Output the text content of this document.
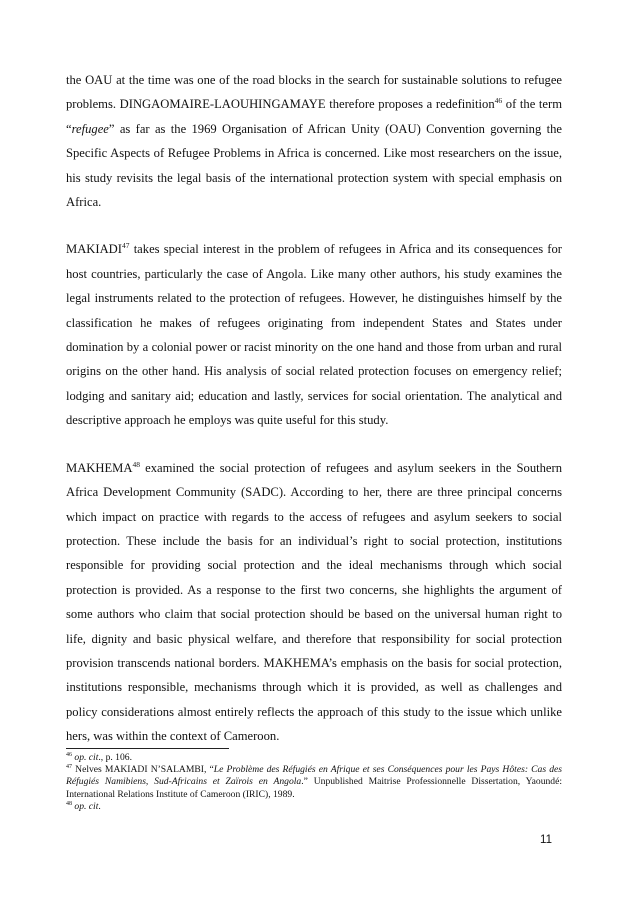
the OAU at the time was one of the road blocks in the search for sustainable solutions to refugee problems. DINGAOMAIRE-LAOUHINGAMAYE therefore proposes a redefinition$^{46}$ of the term “refugee” as far as the 1969 Organisation of African Unity (OAU) Convention governing the Specific Aspects of Refugee Problems in Africa is concerned. Like most researchers on the issue, his study revisits the legal basis of the international protection system with special emphasis on Africa.

MAKIADI$^{47}$ takes special interest in the problem of refugees in Africa and its consequences for host countries, particularly the case of Angola. Like many other authors, his study examines the legal instruments related to the protection of refugees. However, he distinguishes himself by the classification he makes of refugees originating from independent States and States under domination by a colonial power or racist minority on the one hand and those from urban and rural origins on the other hand. His analysis of social related protection focuses on emergency relief; lodging and sanitary aid; education and lastly, services for social orientation. The analytical and descriptive approach he employs was quite useful for this study.

MAKHEMA$^{48}$ examined the social protection of refugees and asylum seekers in the Southern Africa Development Community (SADC). According to her, there are three principal concerns which impact on practice with regards to the access of refugees and asylum seekers to social protection. These include the basis for an individual’s right to social protection, institutions responsible for providing social protection and the ideal mechanisms through which social protection is provided. As a response to the first two concerns, she highlights the argument of some authors who claim that social protection should be based on the universal human right to life, dignity and basic physical welfare, and therefore that responsibility for social protection provision transcends national borders. MAKHEMA’s emphasis on the basis for social protection, institutions responsible, mechanisms through which it is provided, as well as challenges and policy considerations almost entirely reflects the approach of this study to the issue which unlike hers, was within the context of Cameroon.

$^{46}$ op. cit., p. 106.

$^{47}$ Nelves MAKIADI N’SALAMBI, “Le Problème des Réfugiés en Afrique et ses Conséquences pour les Pays Hôtes: Cas des Réfugiés Namibiens, Sud-Africains et Zaïrois en Angola.” Unpublished Maitrise Professionnelle Dissertation, Yaoundé: International Relations Institute of Cameroon (IRIC), 1989.

$^{48}$ op. cit.

11
